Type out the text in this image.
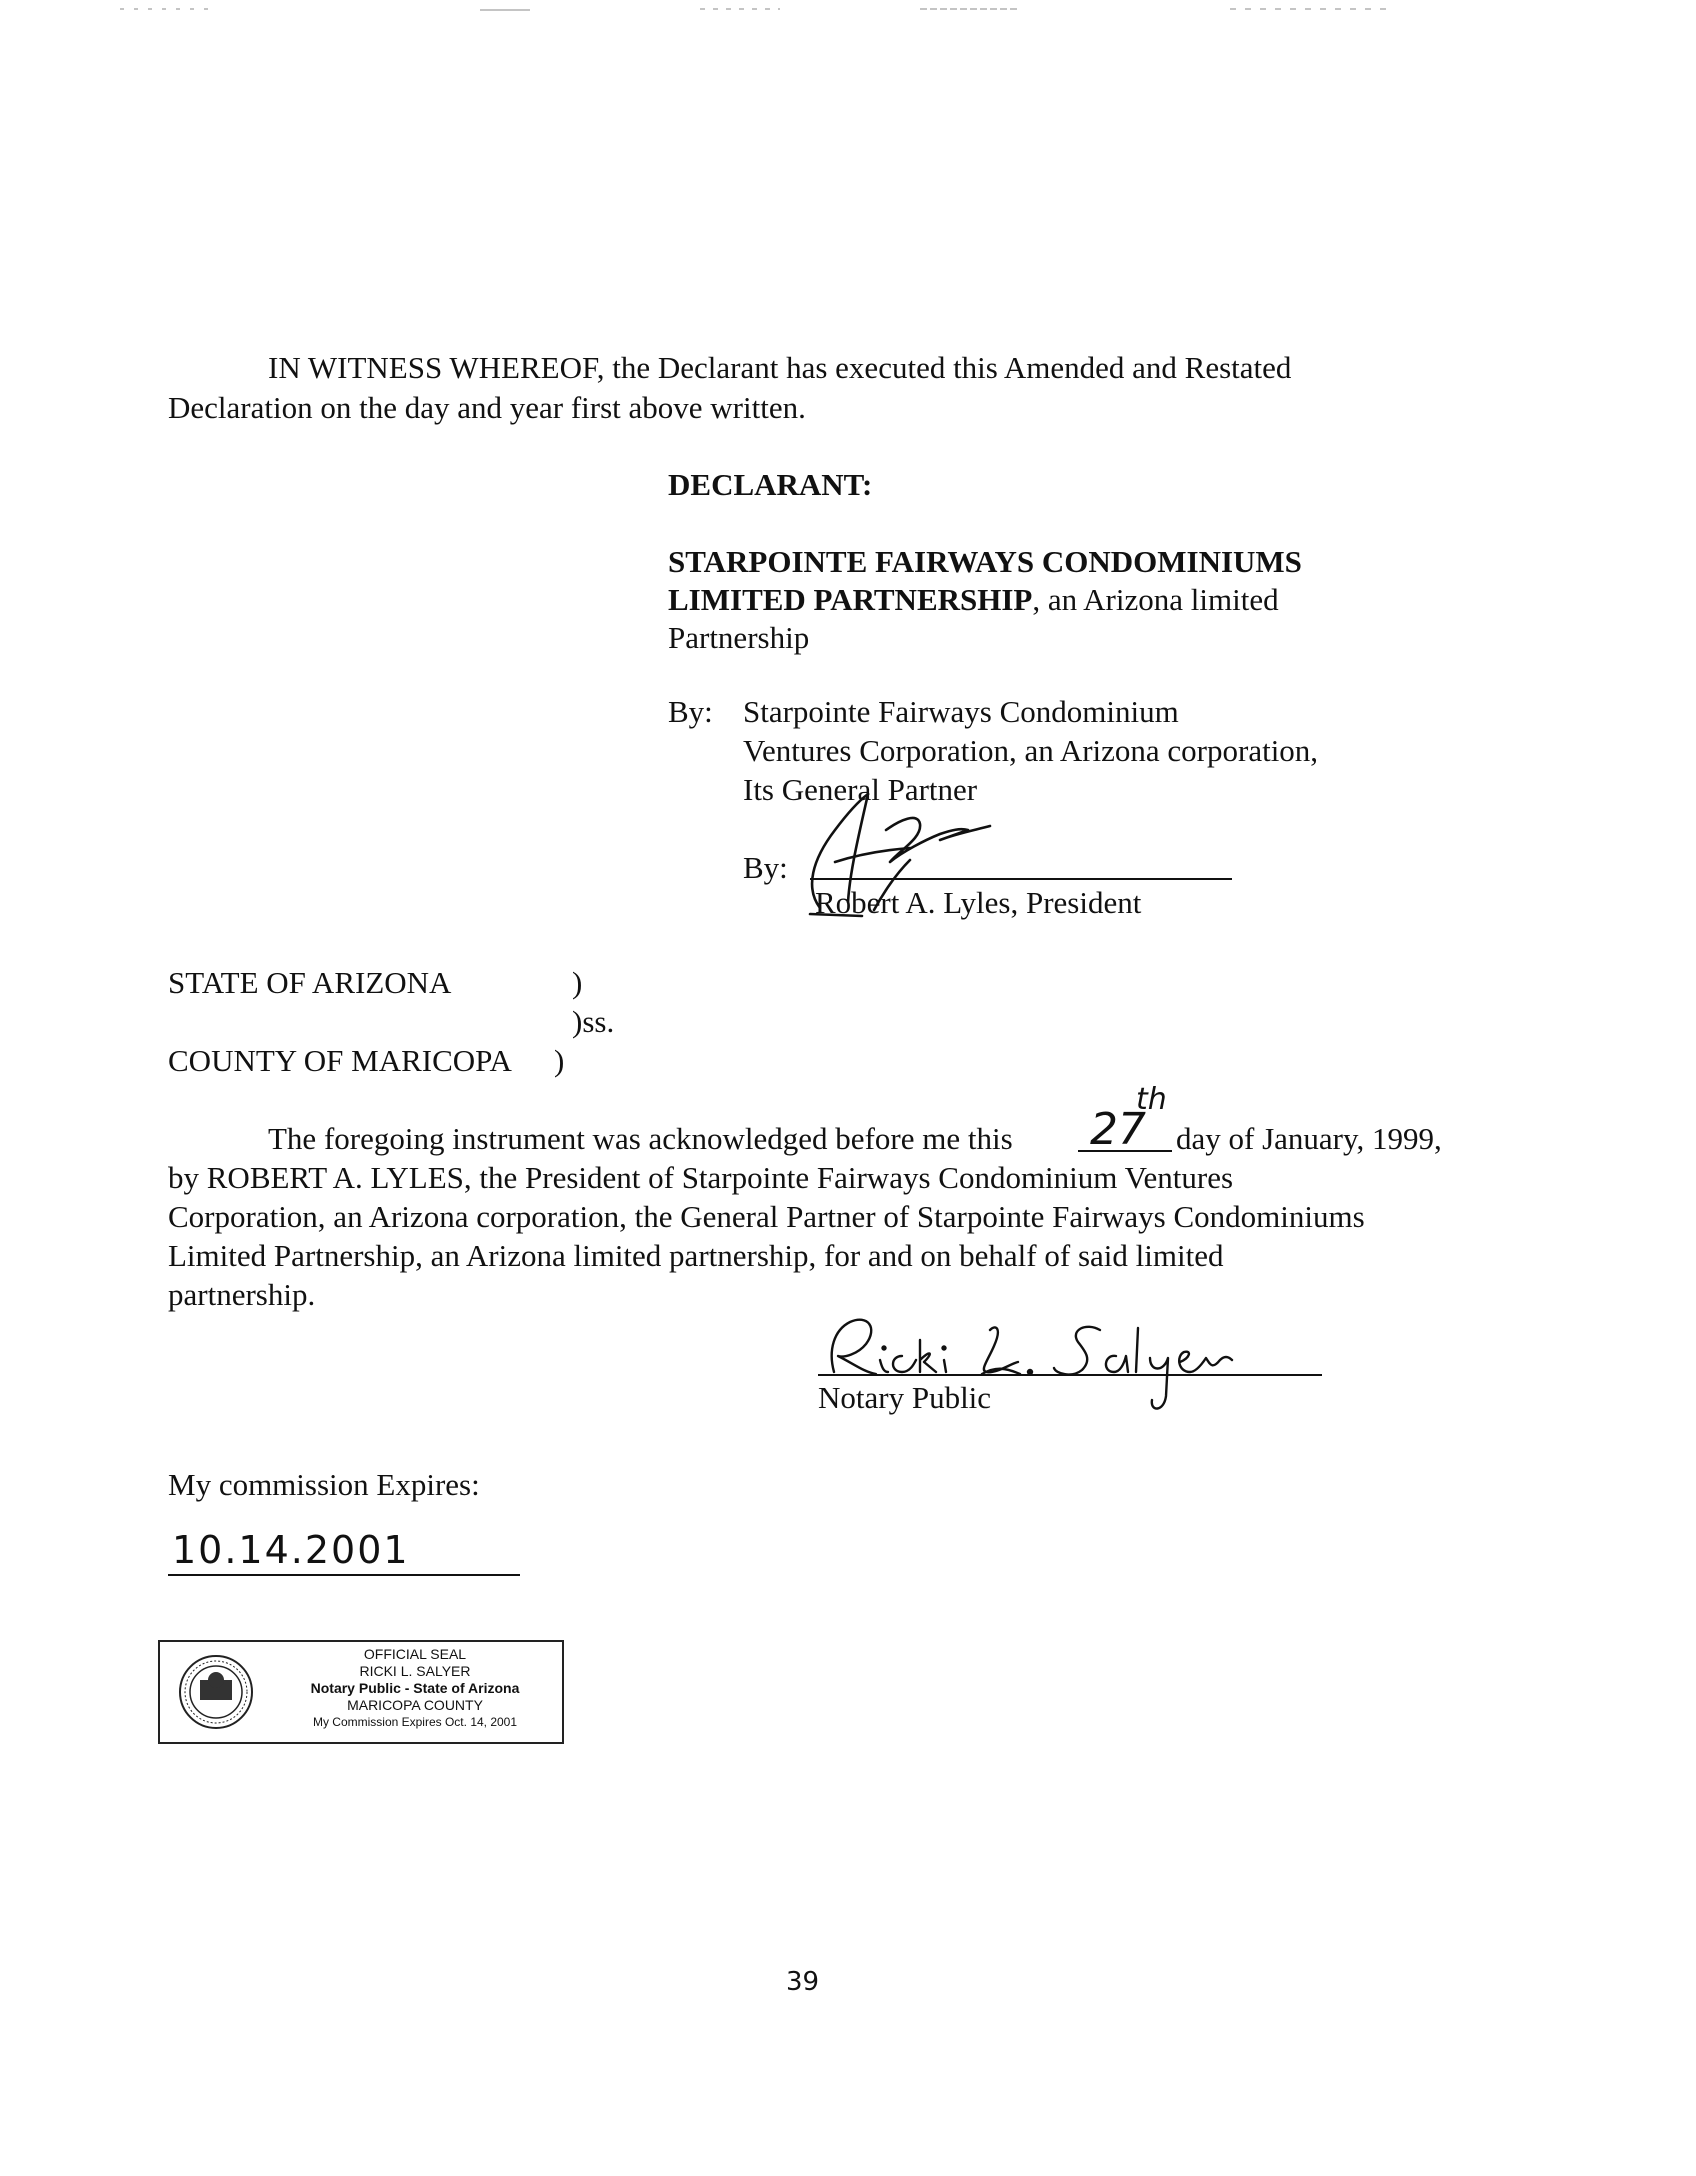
IN WITNESS WHEREOF, the Declarant has executed this Amended and Restated
Declaration on the day and year first above written.
DECLARANT:
STARPOINTE FAIRWAYS CONDOMINIUMS
LIMITED PARTNERSHIP, an Arizona limited
Partnership
By: Starpointe Fairways Condominium
Ventures Corporation, an Arizona corporation,
Its General Partner
By:
Robert A. Lyles, President
STATE OF ARIZONA	)
)ss.
COUNTY OF MARICOPA )
The foregoing instrument was acknowledged before me this 27
th
day of January, 1999,
by ROBERT A. LYLES, the President of Starpointe Fairways Condominium Ventures
Corporation, an Arizona corporation, the General Partner of Starpointe Fairways Condominiums
Limited Partnership, an Arizona limited partnership, for and on behalf of said limited
partnership.
Notary Public
My commission Expires:
10.14.2001
OFFICIAL SEAL
RICKI L. SALYER
Notary Public - State of Arizona
MARICOPA COUNTY
My Commission Expires Oct. 14, 2001
39
